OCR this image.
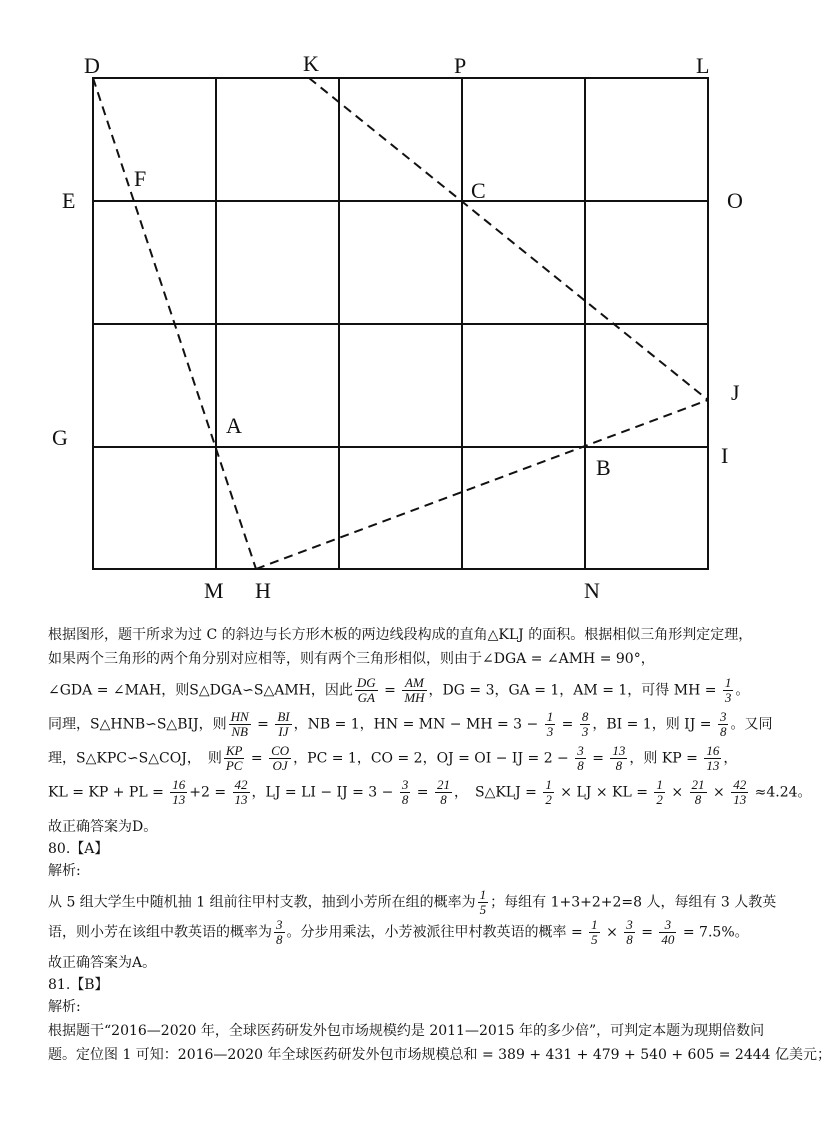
D	K	P	L
E
F	C	O
J
G	A
I
B
M H	N
根据图形，题干所求为过 C 的斜边与长方形木板的两边线段构成的直角△KLJ 的面积。根据相似三角形判定定理，
如果两个三角形的两个角分别对应相等，则有两个三角形相似，则由于∠DGA = ∠AMH = 90°，
∠GDA = ∠MAH，则S△DGA∽S△AMH，因此 $\frac{DG}{GA} = \frac{AM}{MH}$ ，DG = 3，GA = 1，AM = 1，可得 MH = $\frac{1}{3}$ 。
同理，S△HNB∽S△BIJ，则 $\frac{HN}{NB} = \frac{BI}{IJ}$ ，NB = 1，HN = MN − MH = $3 - \frac{1}{3} = \frac{8}{3}$ ，BI = 1，则 IJ = $\frac{3}{8}$ 。又同
理，S△KPC∽S△COJ，　则 $\frac{KP}{PC} = \frac{CO}{OJ}$ ，PC = 1，CO = 2，OJ = OI − IJ = $2 - \frac{3}{8} = \frac{13}{8}$ ，则 KP = $\frac{16}{13}$ ，
KL = KP + PL = $\frac{16}{13} +2 = \frac{42}{13}$ ，LJ = LI − IJ = $3 - \frac{3}{8} = \frac{21}{8}$ ，　S△KLJ = $\frac{1}{2}$ × LJ × KL = $\frac{1}{2} \times \frac{21}{8} \times \frac{42}{13} \approx 4.24$。
故正确答案为D。
80.【A】
解析:
从 5 组大学生中随机抽 1 组前往甲村支教，抽到小芳所在组的概率为 $\frac{1}{5}$ ；每组有 1+3+2+2=8 人，每组有 3 人教英
语，则小芳在该组中教英语的概率为 $\frac{3}{8}$ 。分步用乘法，小芳被派往甲村教英语的概率 = $\frac{1}{5} \times \frac{3}{8} = \frac{3}{40} = 7.5\%$。
故正确答案为A。
81.【B】
解析:
根据题干“2016—2020 年，全球医药研发外包市场规模约是 2011—2015 年的多少倍”，可判定本题为现期倍数问
题。定位图 1 可知：2016—2020 年全球医药研发外包市场规模总和 = 389 + 431 + 479 + 540 + 605 = 2444 亿美元；
